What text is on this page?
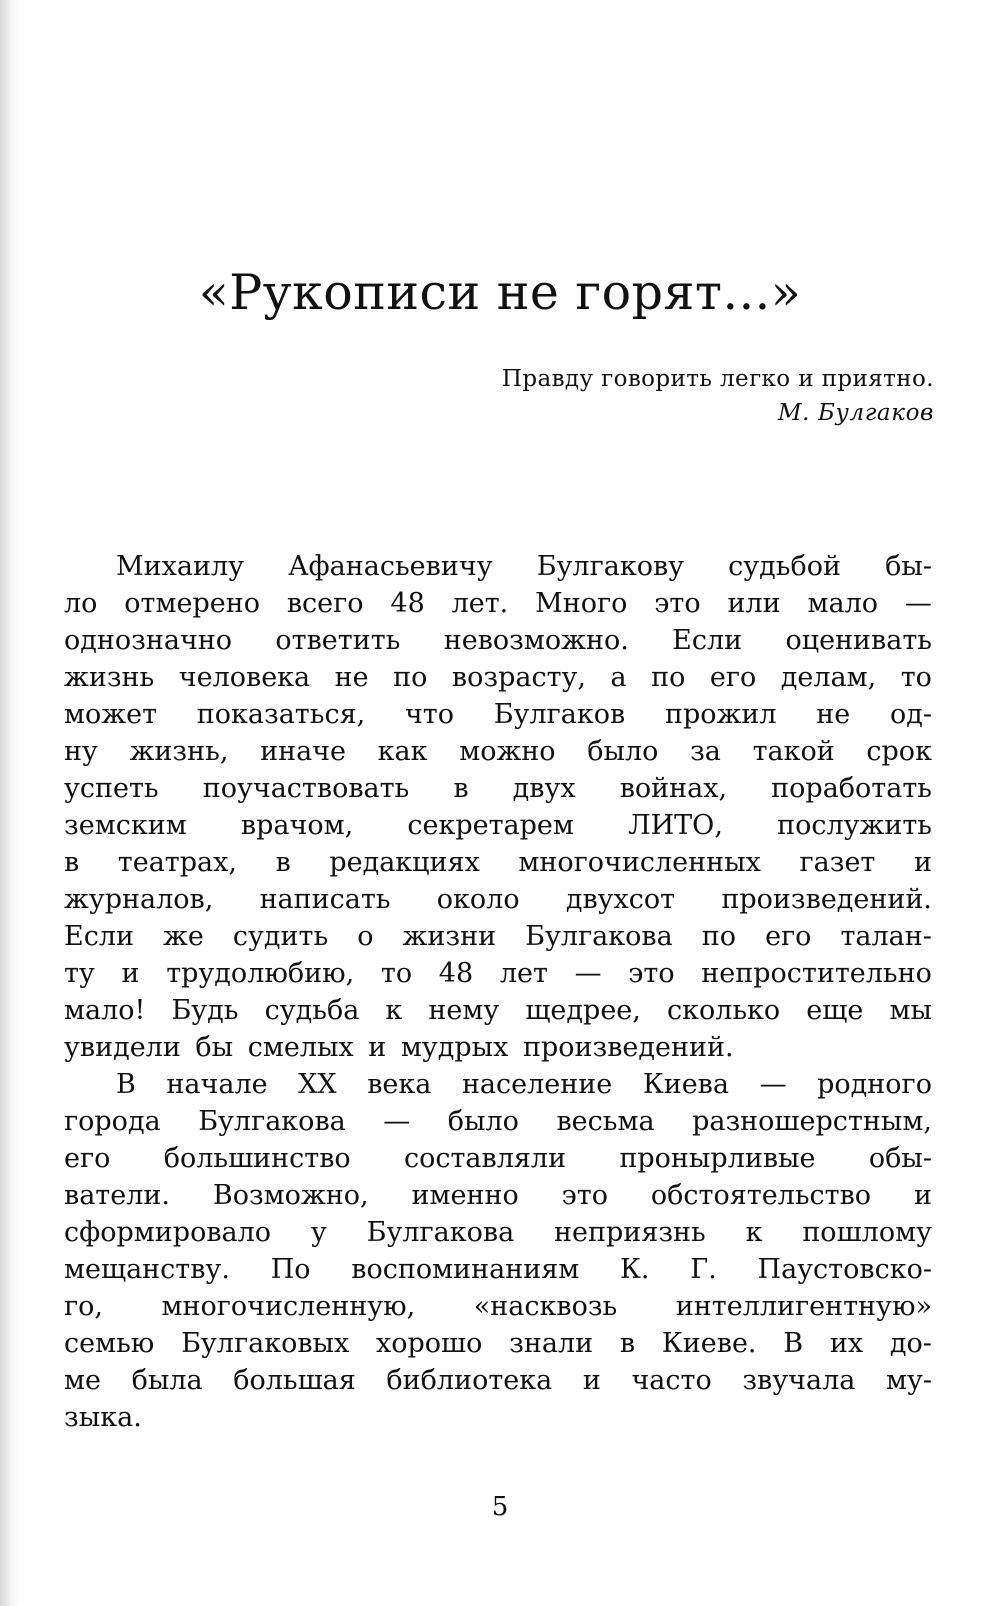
«Рукописи не горят...»
Правду говорить легко и приятно.
М. Булгаков
Михаилу Афанасьевичу Булгакову судьбой бы-
ло отмерено всего 48 лет. Много это или мало —
однозначно ответить невозможно. Если оценивать
жизнь человека не по возрасту, а по его делам, то
может показаться, что Булгаков прожил не од-
ну жизнь, иначе как можно было за такой срок
успеть поучаствовать в двух войнах, поработать
земским врачом, секретарем ЛИТО, послужить
в театрах, в редакциях многочисленных газет и
журналов, написать около двухсот произведений.
Если же судить о жизни Булгакова по его талан-
ту и трудолюбию, то 48 лет — это непростительно
мало! Будь судьба к нему щедрее, сколько еще мы
увидели бы смелых и мудрых произведений.
В начале XX века население Киева — родного
города Булгакова — было весьма разношерстным,
его большинство составляли пронырливые обы-
ватели. Возможно, именно это обстоятельство и
сформировало у Булгакова неприязнь к пошлому
мещанству. По воспоминаниям К. Г. Паустовско-
го, многочисленную, «насквозь интеллигентную»
семью Булгаковых хорошо знали в Киеве. В их до-
ме была большая библиотека и часто звучала му-
зыка.
5
